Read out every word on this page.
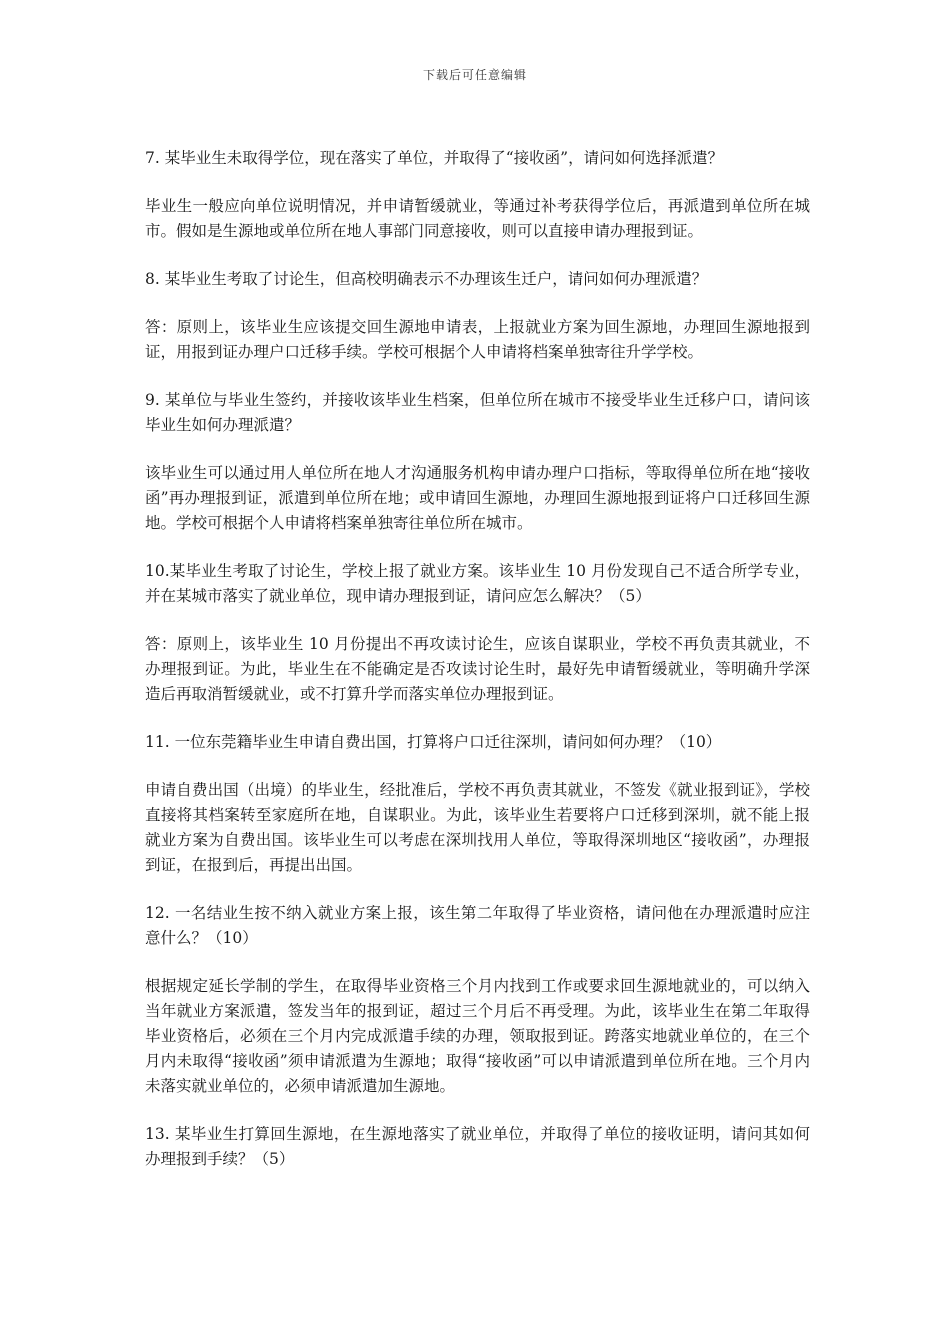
下载后可任意编辑

7. 某毕业生未取得学位，现在落实了单位，并取得了“接收函”，请问如何选择派遣？

毕业生一般应向单位说明情况，并申请暂缓就业，等通过补考获得学位后，再派遣到单位所在城市。假如是生源地或单位所在地人事部门同意接收，则可以直接申请办理报到证。

8. 某毕业生考取了讨论生，但高校明确表示不办理该生迁户，请问如何办理派遣？

答：原则上，该毕业生应该提交回生源地申请表，上报就业方案为回生源地，办理回生源地报到证，用报到证办理户口迁移手续。学校可根据个人申请将档案单独寄往升学学校。

9. 某单位与毕业生签约，并接收该毕业生档案，但单位所在城市不接受毕业生迁移户口，请问该毕业生如何办理派遣？

该毕业生可以通过用人单位所在地人才沟通服务机构申请办理户口指标，等取得单位所在地“接收函”再办理报到证，派遣到单位所在地；或申请回生源地，办理回生源地报到证将户口迁移回生源地。学校可根据个人申请将档案单独寄往单位所在城市。

10.某毕业生考取了讨论生，学校上报了就业方案。该毕业生 10 月份发现自己不适合所学专业，并在某城市落实了就业单位，现申请办理报到证，请问应怎么解决？（5）

答：原则上，该毕业生 10 月份提出不再攻读讨论生，应该自谋职业，学校不再负责其就业，不办理报到证。为此，毕业生在不能确定是否攻读讨论生时，最好先申请暂缓就业，等明确升学深造后再取消暂缓就业，或不打算升学而落实单位办理报到证。

11. 一位东莞籍毕业生申请自费出国，打算将户口迁往深圳，请问如何办理？（10）

申请自费出国（出境）的毕业生，经批准后，学校不再负责其就业，不签发《就业报到证》，学校直接将其档案转至家庭所在地，自谋职业。为此，该毕业生若要将户口迁移到深圳，就不能上报就业方案为自费出国。该毕业生可以考虑在深圳找用人单位，等取得深圳地区“接收函”，办理报到证，在报到后，再提出出国。

12. 一名结业生按不纳入就业方案上报，该生第二年取得了毕业资格，请问他在办理派遣时应注意什么？（10）

根据规定延长学制的学生，在取得毕业资格三个月内找到工作或要求回生源地就业的，可以纳入当年就业方案派遣，签发当年的报到证，超过三个月后不再受理。为此，该毕业生在第二年取得毕业资格后，必须在三个月内完成派遣手续的办理，领取报到证。跨落实地就业单位的，在三个月内未取得“接收函”须申请派遣为生源地；取得“接收函”可以申请派遣到单位所在地。三个月内未落实就业单位的，必须申请派遣加生源地。

13. 某毕业生打算回生源地，在生源地落实了就业单位，并取得了单位的接收证明，请问其如何办理报到手续？（5）
